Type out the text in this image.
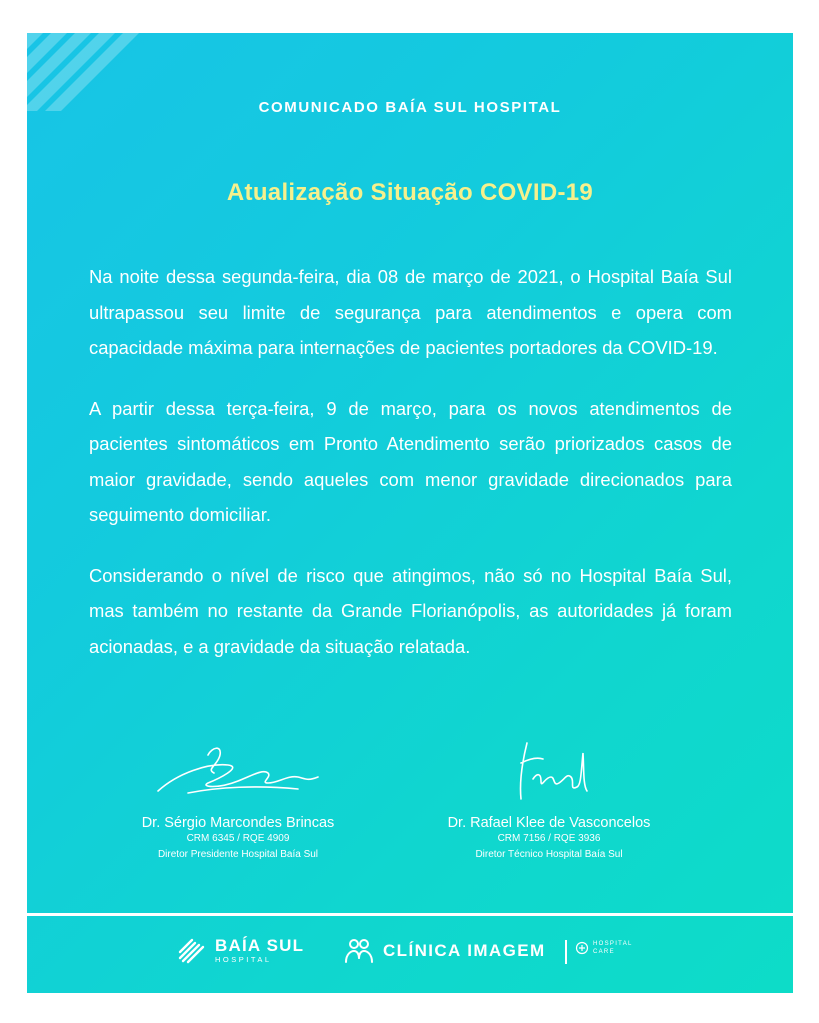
COMUNICADO BAÍA SUL HOSPITAL
Atualização Situação COVID-19

Na noite dessa segunda-feira, dia 08 de março de 2021, o Hospital Baía Sul ultrapassou seu limite de segurança para atendimentos e opera com capacidade máxima para internações de pacientes portadores da COVID-19.

A partir dessa terça-feira, 9 de março, para os novos atendimentos de pacientes sintomáticos em Pronto Atendimento serão priorizados casos de maior gravidade, sendo aqueles com menor gravidade direcionados para seguimento domiciliar.

Considerando o nível de risco que atingimos, não só no Hospital Baía Sul, mas também no restante da Grande Florianópolis, as autoridades já foram acionadas, e a gravidade da situação relatada.

Dr. Sérgio Marcondes Brincas
CRM 6345 / RQE 4909
Diretor Presidente Hospital Baía Sul
Dr. Rafael Klee de Vasconcelos
CRM 7156 / RQE 3936
Diretor Técnico Hospital Baía Sul
BAÍA SUL
HOSPITAL	CLÍNICA IMAGEM	HOSPITAL
CARE
